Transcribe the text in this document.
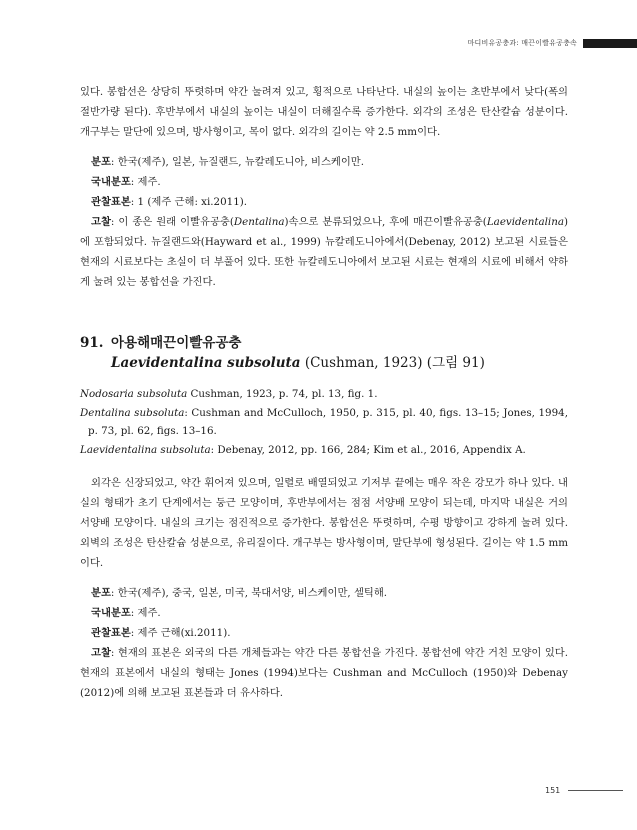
마디비유공충과: 매끈이빨유공충속

있다. 봉합선은 상당히 뚜렷하며 약간 눌려져 있고, 횡적으로 나타난다. 내실의 높이는 초반부에서 낮다(폭의 절반가량 된다). 후반부에서 내실의 높이는 내실이 더해질수록 증가한다. 외각의 조성은 탄산칼슘 성분이다. 개구부는 말단에 있으며, 방사형이고, 목이 없다. 외각의 길이는 약 2.5 mm이다.

분포: 한국(제주), 일본, 뉴질랜드, 뉴칼레도니아, 비스케이만.

국내분포: 제주.

관찰표본: 1 (제주 근해: xi.2011).

고찰: 이 종은 원래 이빨유공충(Dentalina)속으로 분류되었으나, 후에 매끈이빨유공충(Laevidentalina)에 포함되었다. 뉴질랜드와(Hayward et al., 1999) 뉴칼레도니아에서(Debenay, 2012) 보고된 시료들은 현재의 시료보다는 초실이 더 부풀어 있다. 또한 뉴칼레도니아에서 보고된 시료는 현재의 시료에 비해서 약하게 눌려 있는 봉합선을 가진다.

91. 아용해매끈이빨유공충
Laevidentalina subsoluta (Cushman, 1923) (그림 91)

Nodosaria subsoluta Cushman, 1923, p. 74, pl. 13, fig. 1.

Dentalina subsoluta: Cushman and McCulloch, 1950, p. 315, pl. 40, figs. 13–15; Jones, 1994, p. 73, pl. 62, figs. 13–16.

Laevidentalina subsoluta: Debenay, 2012, pp. 166, 284; Kim et al., 2016, Appendix A.

외각은 신장되었고, 약간 휘어져 있으며, 일렬로 배열되었고 기저부 끝에는 매우 작은 강모가 하나 있다. 내실의 형태가 초기 단계에서는 둥근 모양이며, 후반부에서는 점점 서양배 모양이 되는데, 마지막 내실은 거의 서양배 모양이다. 내실의 크기는 점진적으로 증가한다. 봉합선은 뚜렷하며, 수평 방향이고 강하게 눌려 있다. 외벽의 조성은 탄산칼슘 성분으로, 유리질이다. 개구부는 방사형이며, 말단부에 형성된다. 길이는 약 1.5 mm이다.

분포: 한국(제주), 중국, 일본, 미국, 북대서양, 비스케이만, 셀틱해.

국내분포: 제주.

관찰표본: 제주 근해(xi.2011).

고찰: 현재의 표본은 외국의 다른 개체들과는 약간 다른 봉합선을 가진다. 봉합선에 약간 거친 모양이 있다. 현재의 표본에서 내실의 형태는 Jones (1994)보다는 Cushman and McCulloch (1950)와 Debenay (2012)에 의해 보고된 표본들과 더 유사하다.

151
